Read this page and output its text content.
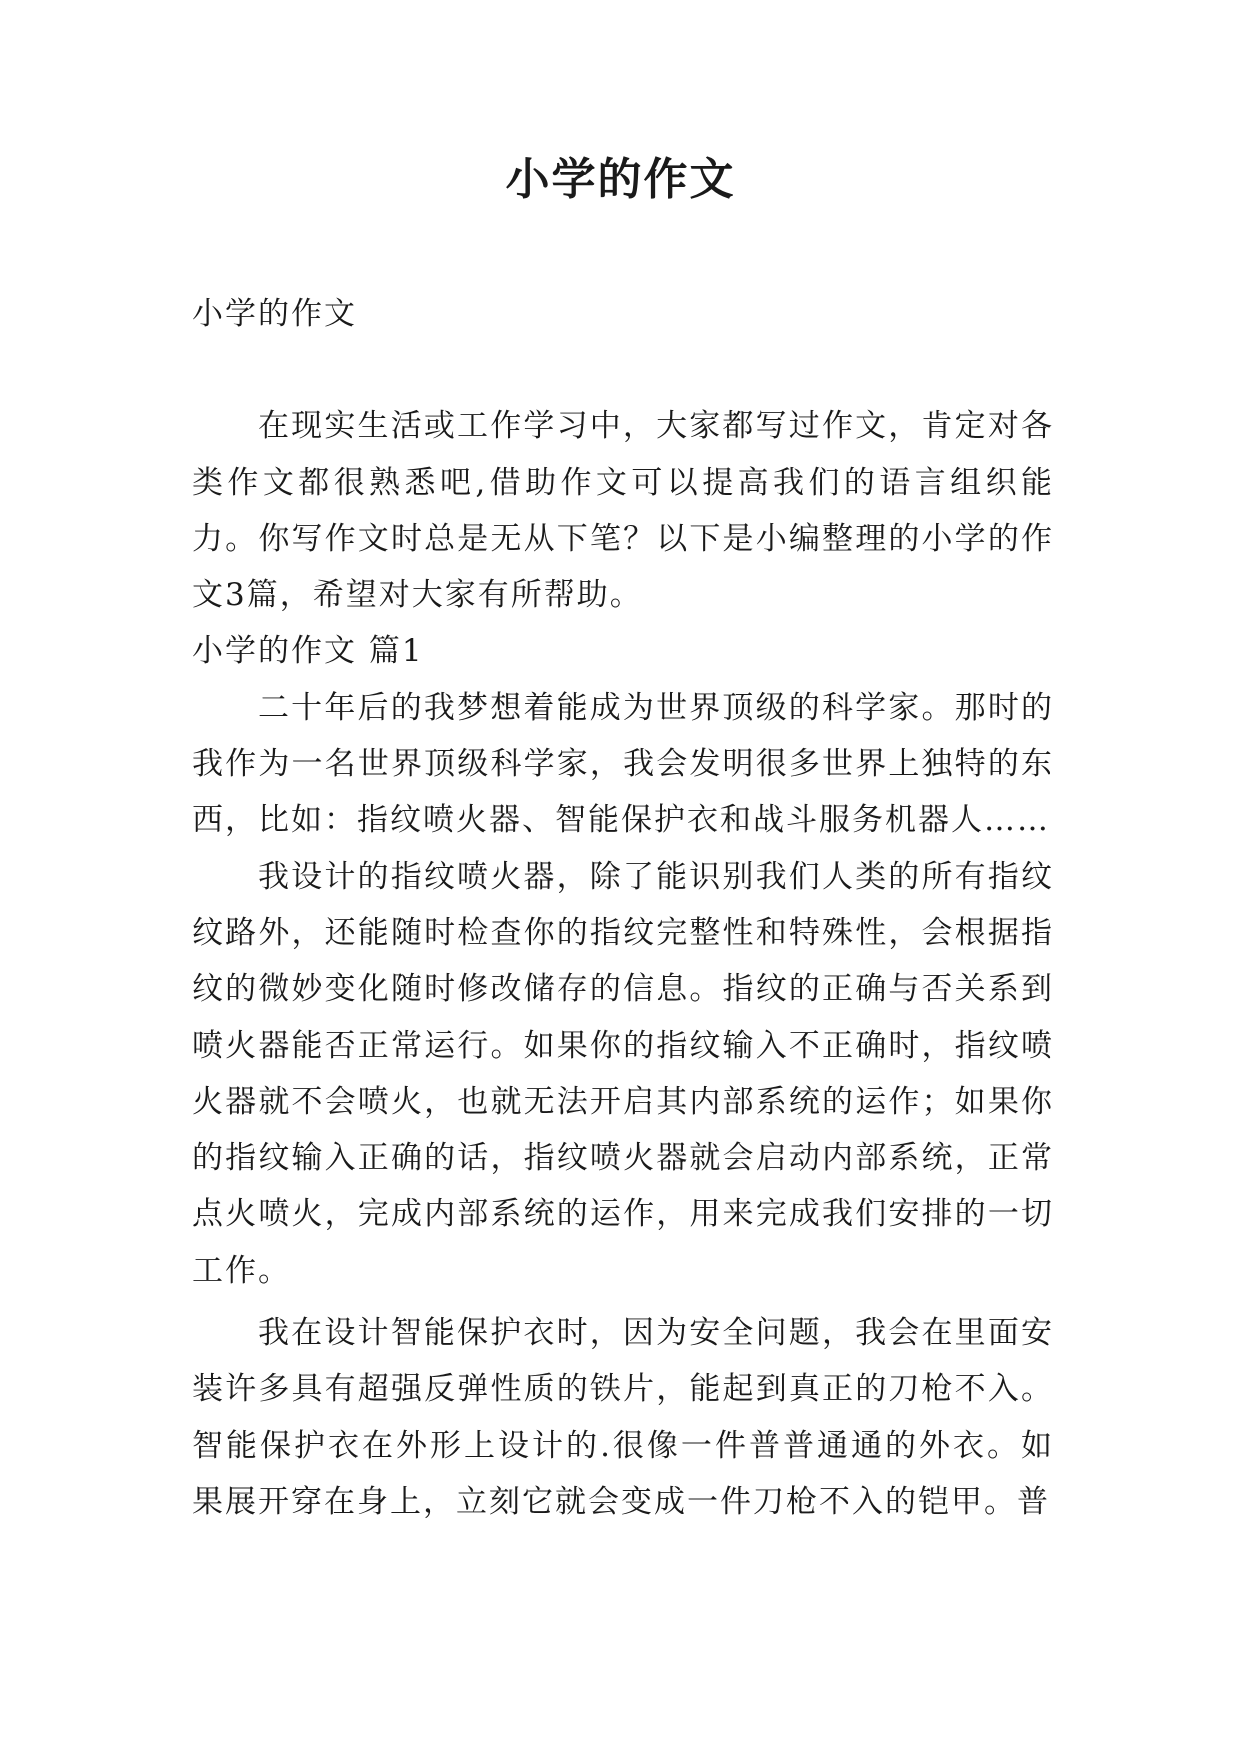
小学的作文

小学的作文

在现实生活或工作学习中，大家都写过作文，肯定对各类作文都很熟悉吧,借助作文可以提高我们的语言组织能力。你写作文时总是无从下笔？以下是小编整理的小学的作文3篇，希望对大家有所帮助。

小学的作文 篇1

二十年后的我梦想着能成为世界顶级的科学家。那时的我作为一名世界顶级科学家，我会发明很多世界上独特的东西，比如：指纹喷火器、智能保护衣和战斗服务机器人……

我设计的指纹喷火器，除了能识别我们人类的所有指纹纹路外，还能随时检查你的指纹完整性和特殊性，会根据指纹的微妙变化随时修改储存的信息。指纹的正确与否关系到喷火器能否正常运行。如果你的指纹输入不正确时，指纹喷火器就不会喷火，也就无法开启其内部系统的运作；如果你的指纹输入正确的话，指纹喷火器就会启动内部系统，正常点火喷火，完成内部系统的运作，用来完成我们安排的一切工作。

我在设计智能保护衣时，因为安全问题，我会在里面安装许多具有超强反弹性质的铁片，能起到真正的刀枪不入。智能保护衣在外形上设计的.很像一件普普通通的外衣。如果展开穿在身上，立刻它就会变成一件刀枪不入的铠甲。普
